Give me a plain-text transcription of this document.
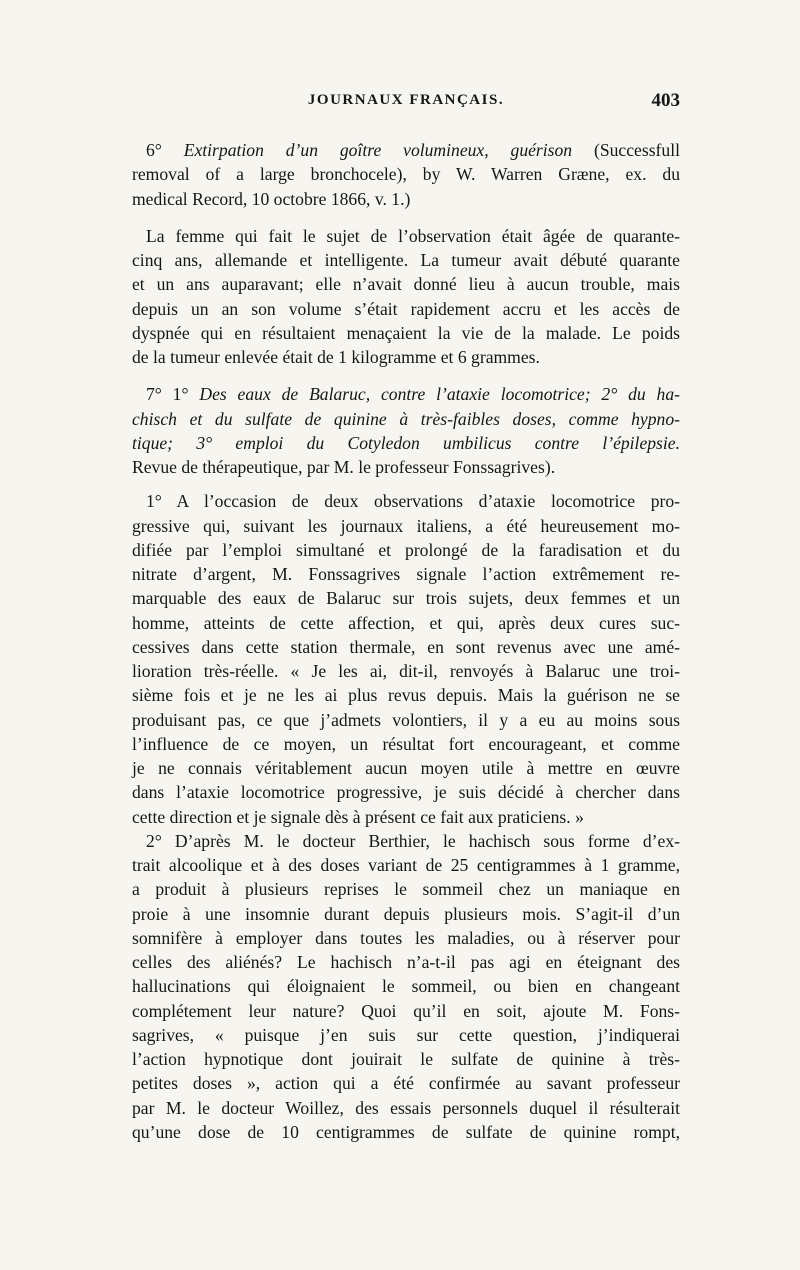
JOURNAUX FRANÇAIS.	403
6° Extirpation d’un goître volumineux, guérison (Successfull
removal of a large bronchocele), by W. Warren Græne, ex. du
medical Record, 10 octobre 1866, v. 1.)
La femme qui fait le sujet de l’observation était âgée de quarante-
cinq ans, allemande et intelligente. La tumeur avait débuté quarante
et un ans auparavant; elle n’avait donné lieu à aucun trouble, mais
depuis un an son volume s’était rapidement accru et les accès de
dyspnée qui en résultaient menaçaient la vie de la malade. Le poids
de la tumeur enlevée était de 1 kilogramme et 6 grammes.
7° 1° Des eaux de Balaruc, contre l’ataxie locomotrice; 2° du ha-
chisch et du sulfate de quinine à très-faibles doses, comme hypno-
tique; 3° emploi du Cotyledon umbilicus contre l’épilepsie.
Revue de thérapeutique, par M. le professeur Fonssagrives).
1° A l’occasion de deux observations d’ataxie locomotrice pro-
gressive qui, suivant les journaux italiens, a été heureusement mo-
difiée par l’emploi simultané et prolongé de la faradisation et du
nitrate d’argent, M. Fonssagrives signale l’action extrêmement re-
marquable des eaux de Balaruc sur trois sujets, deux femmes et un
homme, atteints de cette affection, et qui, après deux cures suc-
cessives dans cette station thermale, en sont revenus avec une amé-
lioration très-réelle. « Je les ai, dit-il, renvoyés à Balaruc une troi-
sième fois et je ne les ai plus revus depuis. Mais la guérison ne se
produisant pas, ce que j’admets volontiers, il y a eu au moins sous
l’influence de ce moyen, un résultat fort encourageant, et comme
je ne connais véritablement aucun moyen utile à mettre en œuvre
dans l’ataxie locomotrice progressive, je suis décidé à chercher dans
cette direction et je signale dès à présent ce fait aux praticiens. »
2° D’après M. le docteur Berthier, le hachisch sous forme d’ex-
trait alcoolique et à des doses variant de 25 centigrammes à 1 gramme,
a produit à plusieurs reprises le sommeil chez un maniaque en
proie à une insomnie durant depuis plusieurs mois. S’agit-il d’un
somnifère à employer dans toutes les maladies, ou à réserver pour
celles des aliénés? Le hachisch n’a-t-il pas agi en éteignant des
hallucinations qui éloignaient le sommeil, ou bien en changeant
complétement leur nature? Quoi qu’il en soit, ajoute M. Fons-
sagrives, « puisque j’en suis sur cette question, j’indiquerai
l’action hypnotique dont jouirait le sulfate de quinine à très-
petites doses », action qui a été confirmée au savant professeur
par M. le docteur Woillez, des essais personnels duquel il résulterait
qu’une dose de 10 centigrammes de sulfate de quinine rompt,
